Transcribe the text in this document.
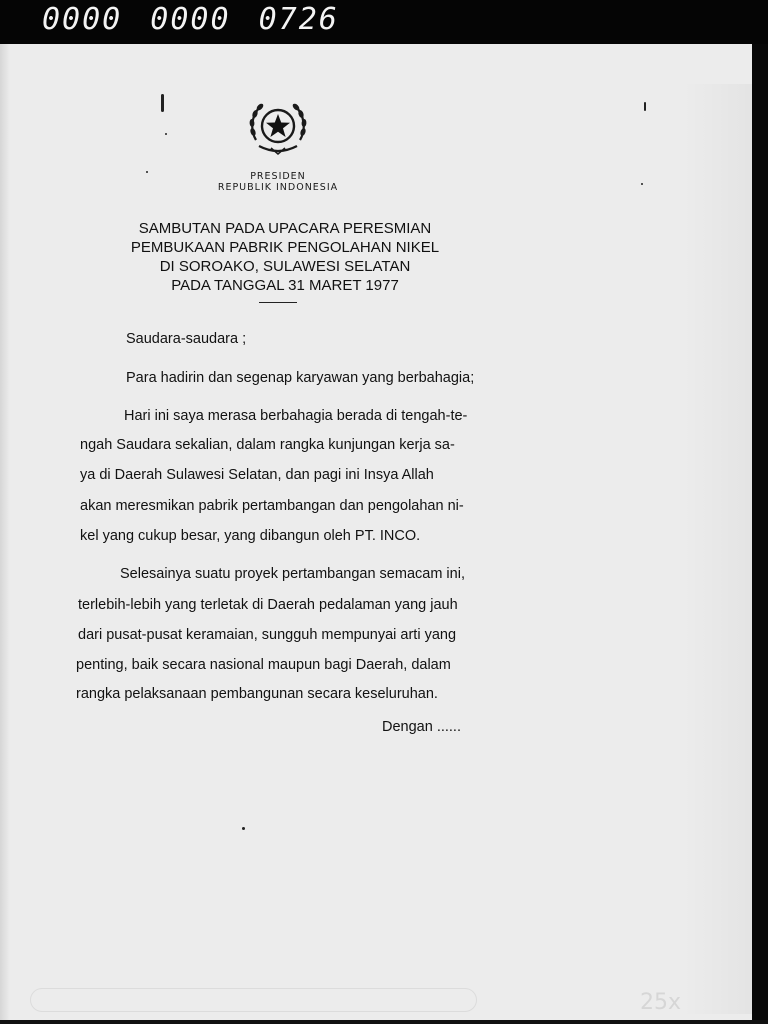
0000 0000 0726
PRESIDEN
REPUBLIK INDONESIA
SAMBUTAN PADA UPACARA PERESMIAN
PEMBUKAAN PABRIK PENGOLAHAN NIKEL
DI SOROAKO, SULAWESI SELATAN
PADA TANGGAL 31 MARET 1977
Saudara-saudara ;
Para hadirin dan segenap karyawan yang berbahagia;
Hari ini saya merasa berbahagia berada di tengah-te-
ngah Saudara sekalian, dalam rangka kunjungan kerja sa-
ya di Daerah Sulawesi Selatan, dan pagi ini Insya Allah
akan meresmikan pabrik pertambangan dan pengolahan ni-
kel yang cukup besar, yang dibangun oleh PT. INCO.
Selesainya suatu proyek pertambangan semacam ini,
terlebih-lebih yang terletak di Daerah pedalaman yang jauh
dari pusat-pusat keramaian, sungguh mempunyai arti yang
penting, baik secara nasional maupun bagi Daerah, dalam
rangka pelaksanaan pembangunan secara keseluruhan.
Dengan ......
25x
